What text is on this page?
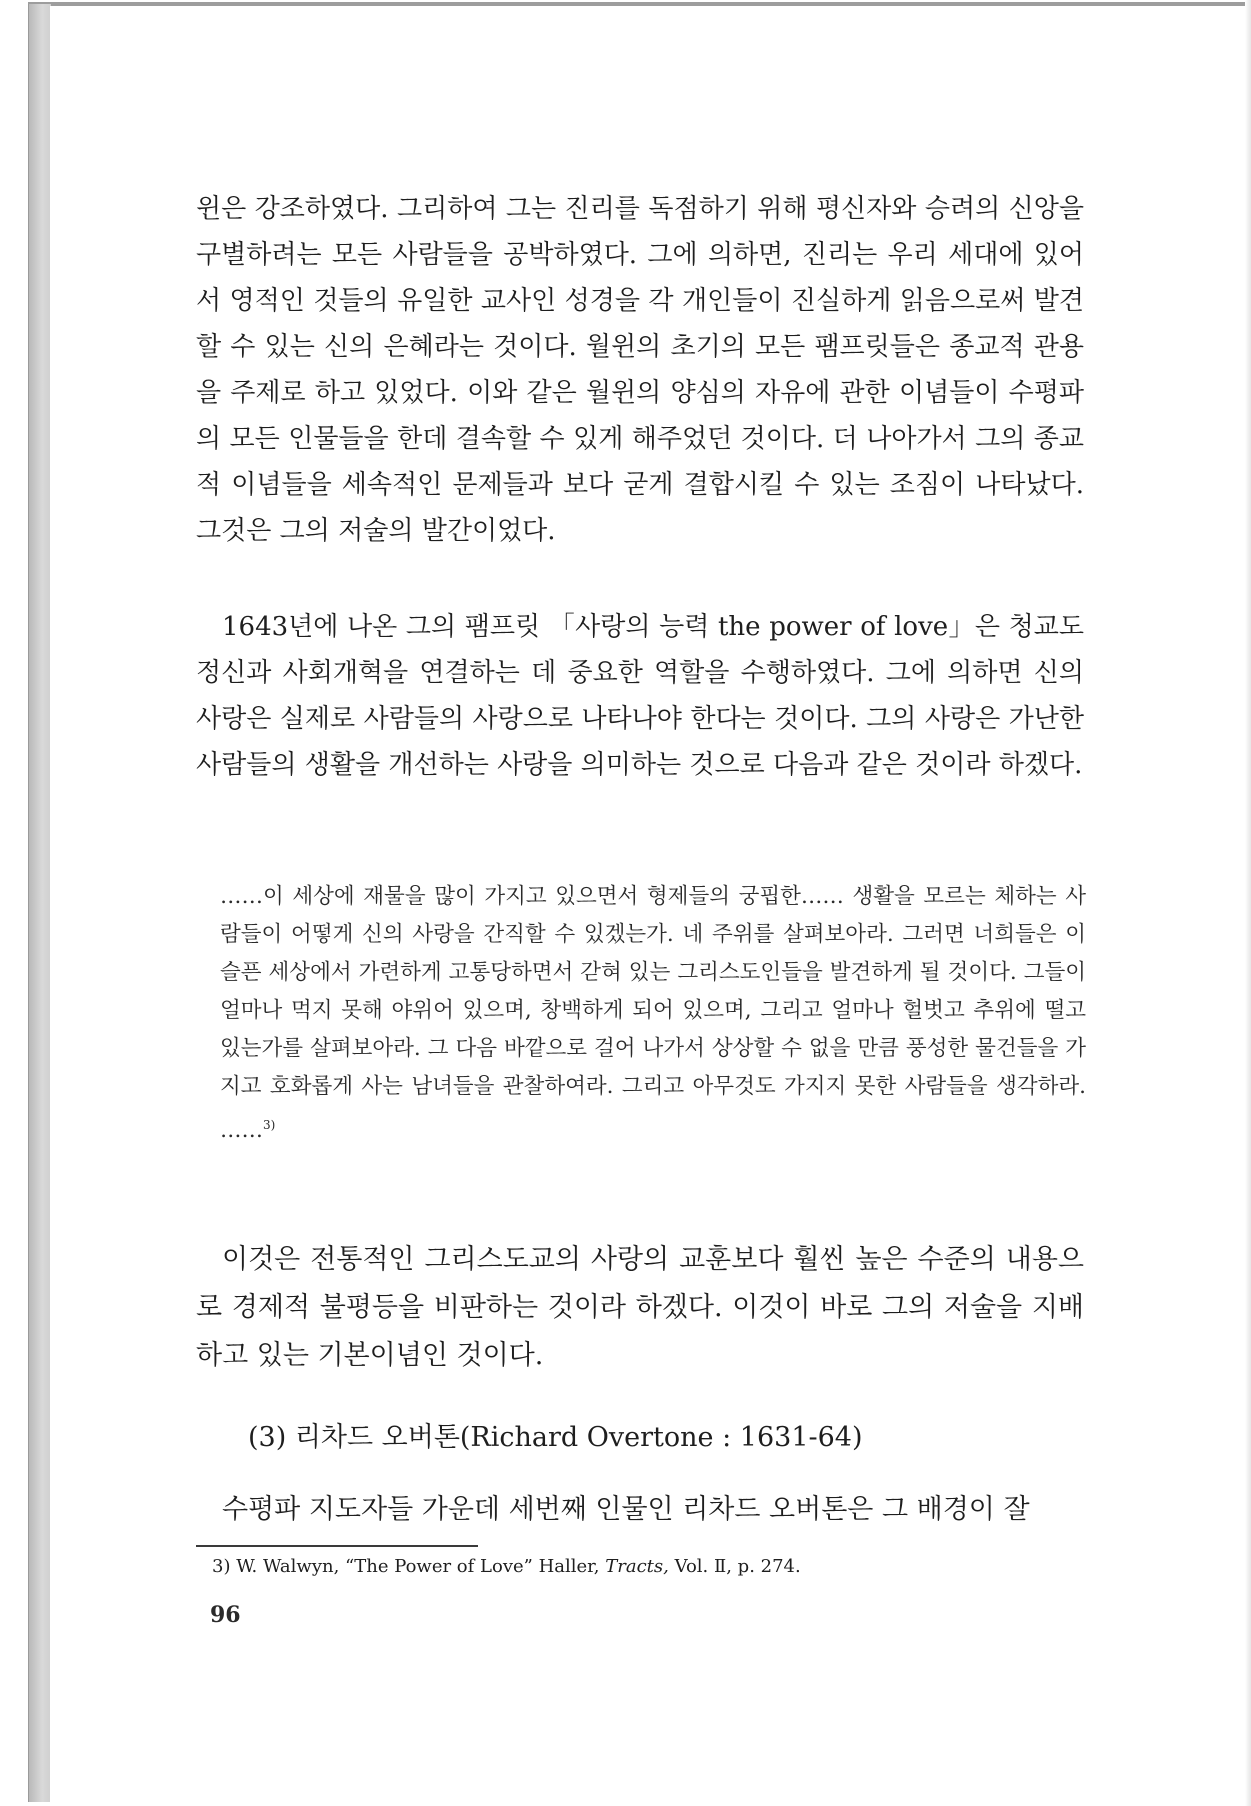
윈은 강조하였다. 그리하여 그는 진리를 독점하기 위해 평신자와 승려의 신앙을 구별하려는 모든 사람들을 공박하였다. 그에 의하면, 진리는 우리 세대에 있어서 영적인 것들의 유일한 교사인 성경을 각 개인들이 진실하게 읽음으로써 발견할 수 있는 신의 은혜라는 것이다. 월윈의 초기의 모든 팸프릿들은 종교적 관용을 주제로 하고 있었다. 이와 같은 월윈의 양심의 자유에 관한 이념들이 수평파의 모든 인물들을 한데 결속할 수 있게 해주었던 것이다. 더 나아가서 그의 종교적 이념들을 세속적인 문제들과 보다 굳게 결합시킬 수 있는 조짐이 나타났다. 그것은 그의 저술의 발간이었다.
1643년에 나온 그의 팸프릿 「사랑의 능력 the power of love」은 청교도 정신과 사회개혁을 연결하는 데 중요한 역할을 수행하였다. 그에 의하면 신의 사랑은 실제로 사람들의 사랑으로 나타나야 한다는 것이다. 그의 사랑은 가난한 사람들의 생활을 개선하는 사랑을 의미하는 것으로 다음과 같은 것이라 하겠다.
……이 세상에 재물을 많이 가지고 있으면서 형제들의 궁핍한…… 생활을 모르는 체하는 사람들이 어떻게 신의 사랑을 간직할 수 있겠는가. 네 주위를 살펴보아라. 그러면 너희들은 이 슬픈 세상에서 가련하게 고통당하면서 갇혀 있는 그리스도인들을 발견하게 될 것이다. 그들이 얼마나 먹지 못해 야위어 있으며, 창백하게 되어 있으며, 그리고 얼마나 헐벗고 추위에 떨고 있는가를 살펴보아라. 그 다음 바깥으로 걸어 나가서 상상할 수 없을 만큼 풍성한 물건들을 가지고 호화롭게 사는 남녀들을 관찰하여라. 그리고 아무것도 가지지 못한 사람들을 생각하라. ……$^{3)}$
이것은 전통적인 그리스도교의 사랑의 교훈보다 훨씬 높은 수준의 내용으로 경제적 불평등을 비판하는 것이라 하겠다. 이것이 바로 그의 저술을 지배하고 있는 기본이념인 것이다.
(3) 리차드 오버톤(Richard Overtone : 1631-64)
수평파 지도자들 가운데 세번째 인물인 리차드 오버톤은 그 배경이 잘
3) W. Walwyn, “The Power of Love” Haller, Tracts, Vol. Ⅱ, p. 274.
96
